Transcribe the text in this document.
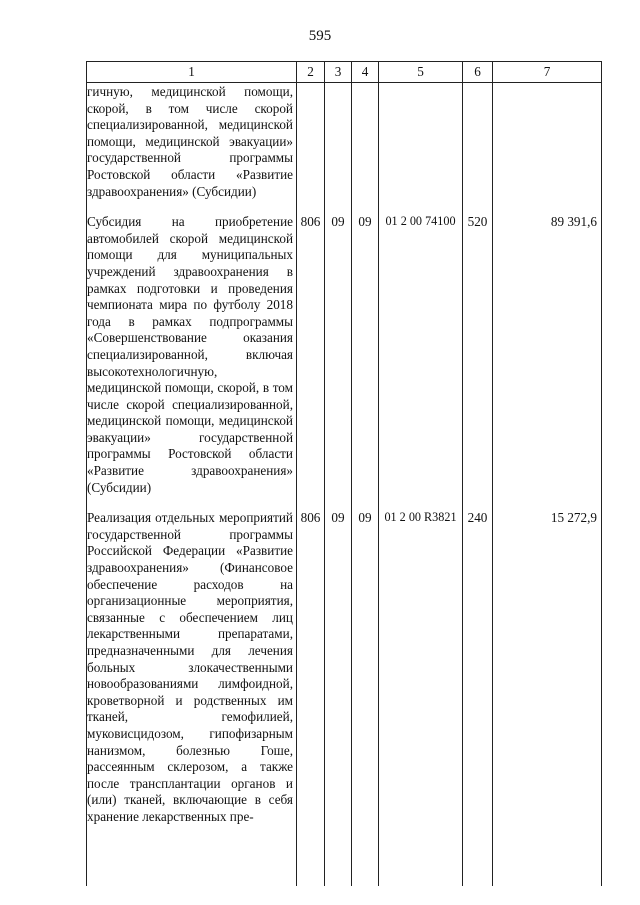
595
1	2	3	4	5	6	7
гичную, медицинской помощи, скорой, в том числе скорой специализированной, медицинской помощи, медицинской эвакуации» государственной программы Ростовской области «Развитие здравоохранения» (Субсидии)						
Субсидия на приобретение автомобилей скорой медицинской помощи для муниципальных учреждений здравоохранения в рамках подготовки и проведения чемпионата мира по футболу 2018 года в рамках подпрограммы «Совершенствование оказания специализированной, включая высокотехнологичную, медицинской помощи, скорой, в том числе скорой специализированной, медицинской помощи, медицинской эвакуации» государственной программы Ростовской области «Развитие здравоохранения» (Субсидии)	806	09	09	01 2 00 74100	520	89 391,6
Реализация отдельных мероприятий государственной программы Российской Федерации «Развитие здравоохранения» (Финансовое обеспечение расходов на организационные мероприятия, связанные с обеспечением лиц лекарственными препаратами, предназначенными для лечения больных злокачественными новообразованиями лимфоидной, кроветворной и родственных им тканей, гемофилией, муковисцидозом, гипофизарным нанизмом, болезнью Гоше, рассеянным склерозом, а также после трансплантации органов и (или) тканей, включающие в себя хранение лекарственных пре-	806	09	09	01 2 00 R3821	240	15 272,9
